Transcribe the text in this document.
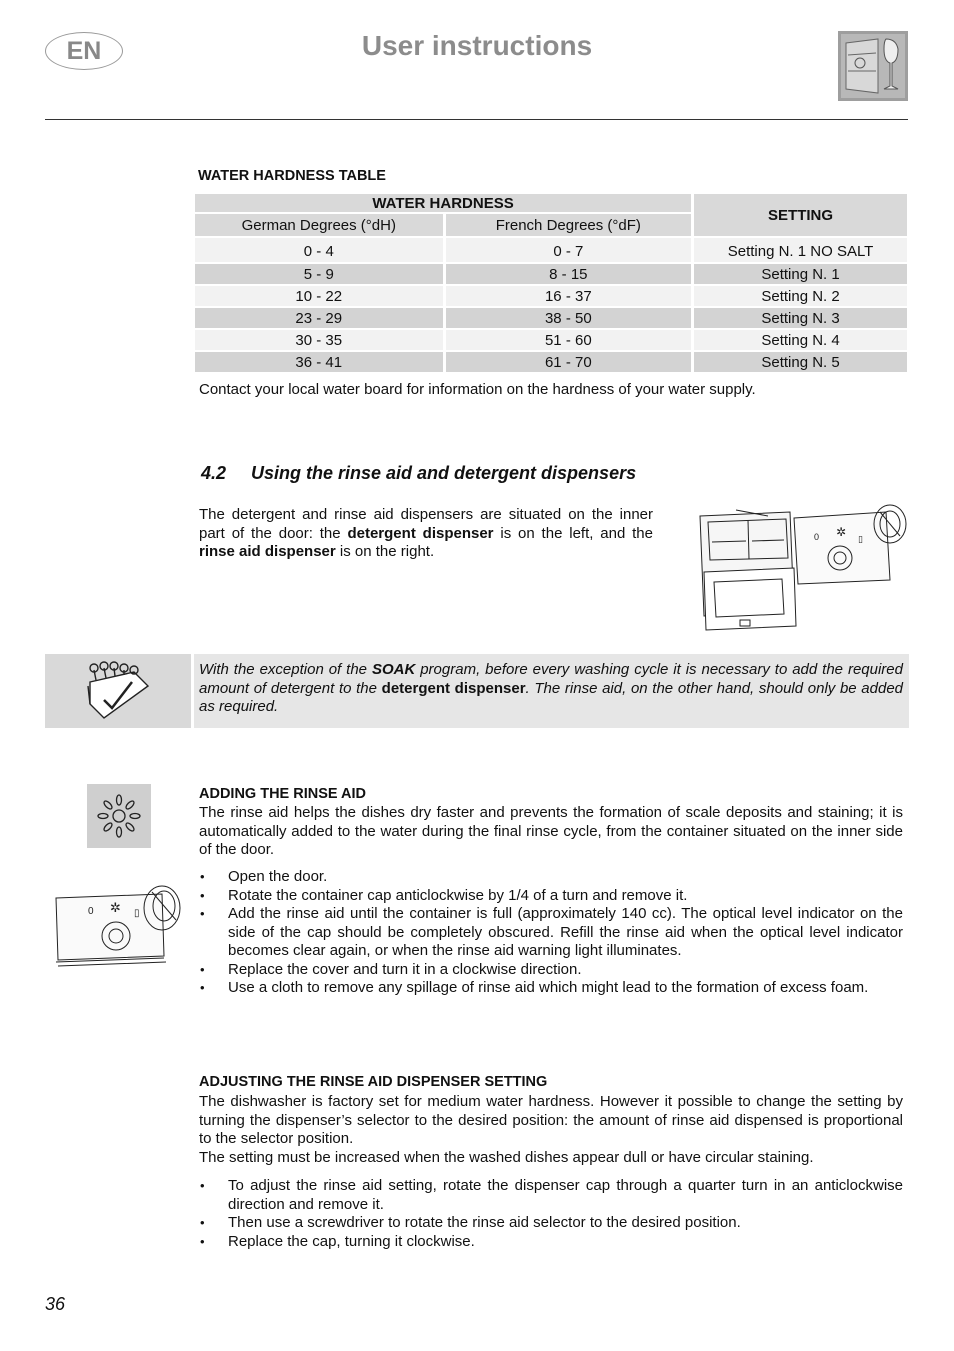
EN	User instructions
WATER HARDNESS TABLE
WATER HARDNESS		SETTING
German Degrees (°dH)	French Degrees (°dF)	
0 - 4	0 - 7	Setting N. 1 NO SALT
5 - 9	8 - 15	Setting N. 1
10 - 22	16 - 37	Setting N. 2
23 - 29	38 - 50	Setting N. 3
30 - 35	51 - 60	Setting N. 4
36 - 41	61 - 70	Setting N. 5
Contact your local water board for information on the hardness of your water supply.
4.2 Using the rinse aid and detergent dispensers
The detergent and rinse aid dispensers are situated on the inner part of the door: the detergent dispenser is on the left, and the rinse aid dispenser is on the right.
✲
0	▯
With the exception of the SOAK program, before every washing cycle it is necessary to add the required amount of detergent to the detergent dispenser. The rinse aid, on the other hand, should only be added as required.
✲
0	▯
ADDING THE RINSE AID
The rinse aid helps the dishes dry faster and prevents the formation of scale deposits and staining; it is automatically added to the water during the final rinse cycle, from the container situated on the inner side of the door.
• Open the door.
• Rotate the container cap anticlockwise by 1/4 of a turn and remove it.
• Add the rinse aid until the container is full (approximately 140 cc). The optical level indicator on the side of the cap should be completely obscured. Refill the rinse aid when the optical level indicator becomes clear again, or when the rinse aid warning light illuminates.
• Replace the cover and turn it in a clockwise direction.
• Use a cloth to remove any spillage of rinse aid which might lead to the formation of excess foam.
ADJUSTING THE RINSE AID DISPENSER SETTING
The dishwasher is factory set for medium water hardness. However it possible to change the setting by turning the dispenser’s selector to the desired position: the amount of rinse aid dispensed is proportional to the selector position.
The setting must be increased when the washed dishes appear dull or have circular staining.
• To adjust the rinse aid setting, rotate the dispenser cap through a quarter turn in an anticlockwise direction and remove it.
• Then use a screwdriver to rotate the rinse aid selector to the desired position.
• Replace the cap, turning it clockwise.
36
